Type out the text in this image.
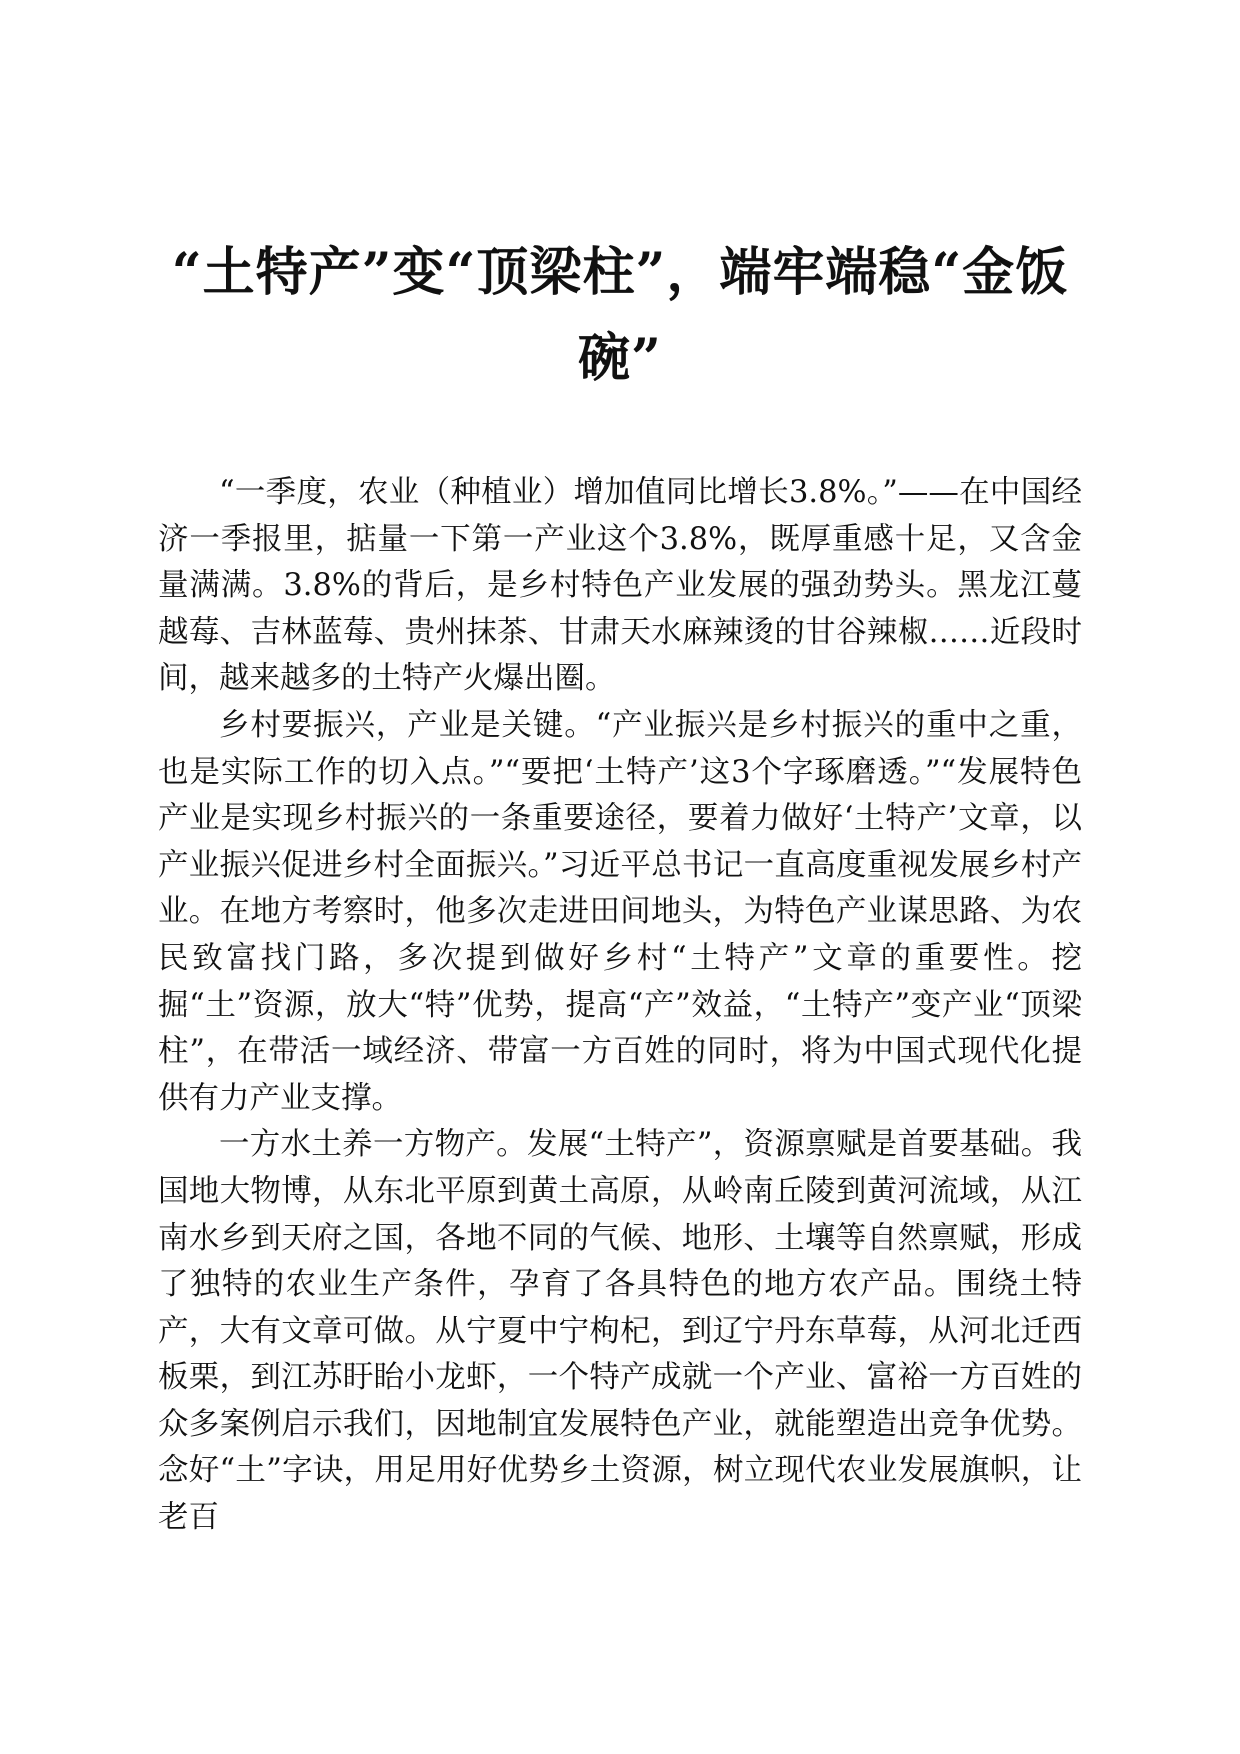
“土特产”变“顶梁柱”，端牢端稳“金饭
碗”

“一季度，农业（种植业）增加值同比增长3.8%。”——在中国经济一季报里，掂量一下第一产业这个3.8%，既厚重感十足，又含金量满满。3.8%的背后，是乡村特色产业发展的强劲势头。黑龙江蔓越莓、吉林蓝莓、贵州抹茶、甘肃天水麻辣烫的甘谷辣椒……近段时间，越来越多的土特产火爆出圈。

乡村要振兴，产业是关键。“产业振兴是乡村振兴的重中之重，也是实际工作的切入点。”“要把‘土特产’这3个字琢磨透。”“发展特色产业是实现乡村振兴的一条重要途径，要着力做好‘土特产’文章，以产业振兴促进乡村全面振兴。”习近平总书记一直高度重视发展乡村产业。在地方考察时，他多次走进田间地头，为特色产业谋思路、为农民致富找门路，多次提到做好乡村“土特产”文章的重要性。挖掘“土”资源，放大“特”优势，提高“产”效益，“土特产”变产业“顶梁柱”，在带活一域经济、带富一方百姓的同时，将为中国式现代化提供有力产业支撑。

一方水土养一方物产。发展“土特产”，资源禀赋是首要基础。我国地大物博，从东北平原到黄土高原，从岭南丘陵到黄河流域，从江南水乡到天府之国，各地不同的气候、地形、土壤等自然禀赋，形成了独特的农业生产条件，孕育了各具特色的地方农产品。围绕土特产，大有文章可做。从宁夏中宁枸杞，到辽宁丹东草莓，从河北迁西板栗，到江苏盱眙小龙虾，一个特产成就一个产业、富裕一方百姓的众多案例启示我们，因地制宜发展特色产业，就能塑造出竞争优势。念好“土”字诀，用足用好优势乡土资源，树立现代农业发展旗帜，让老百
